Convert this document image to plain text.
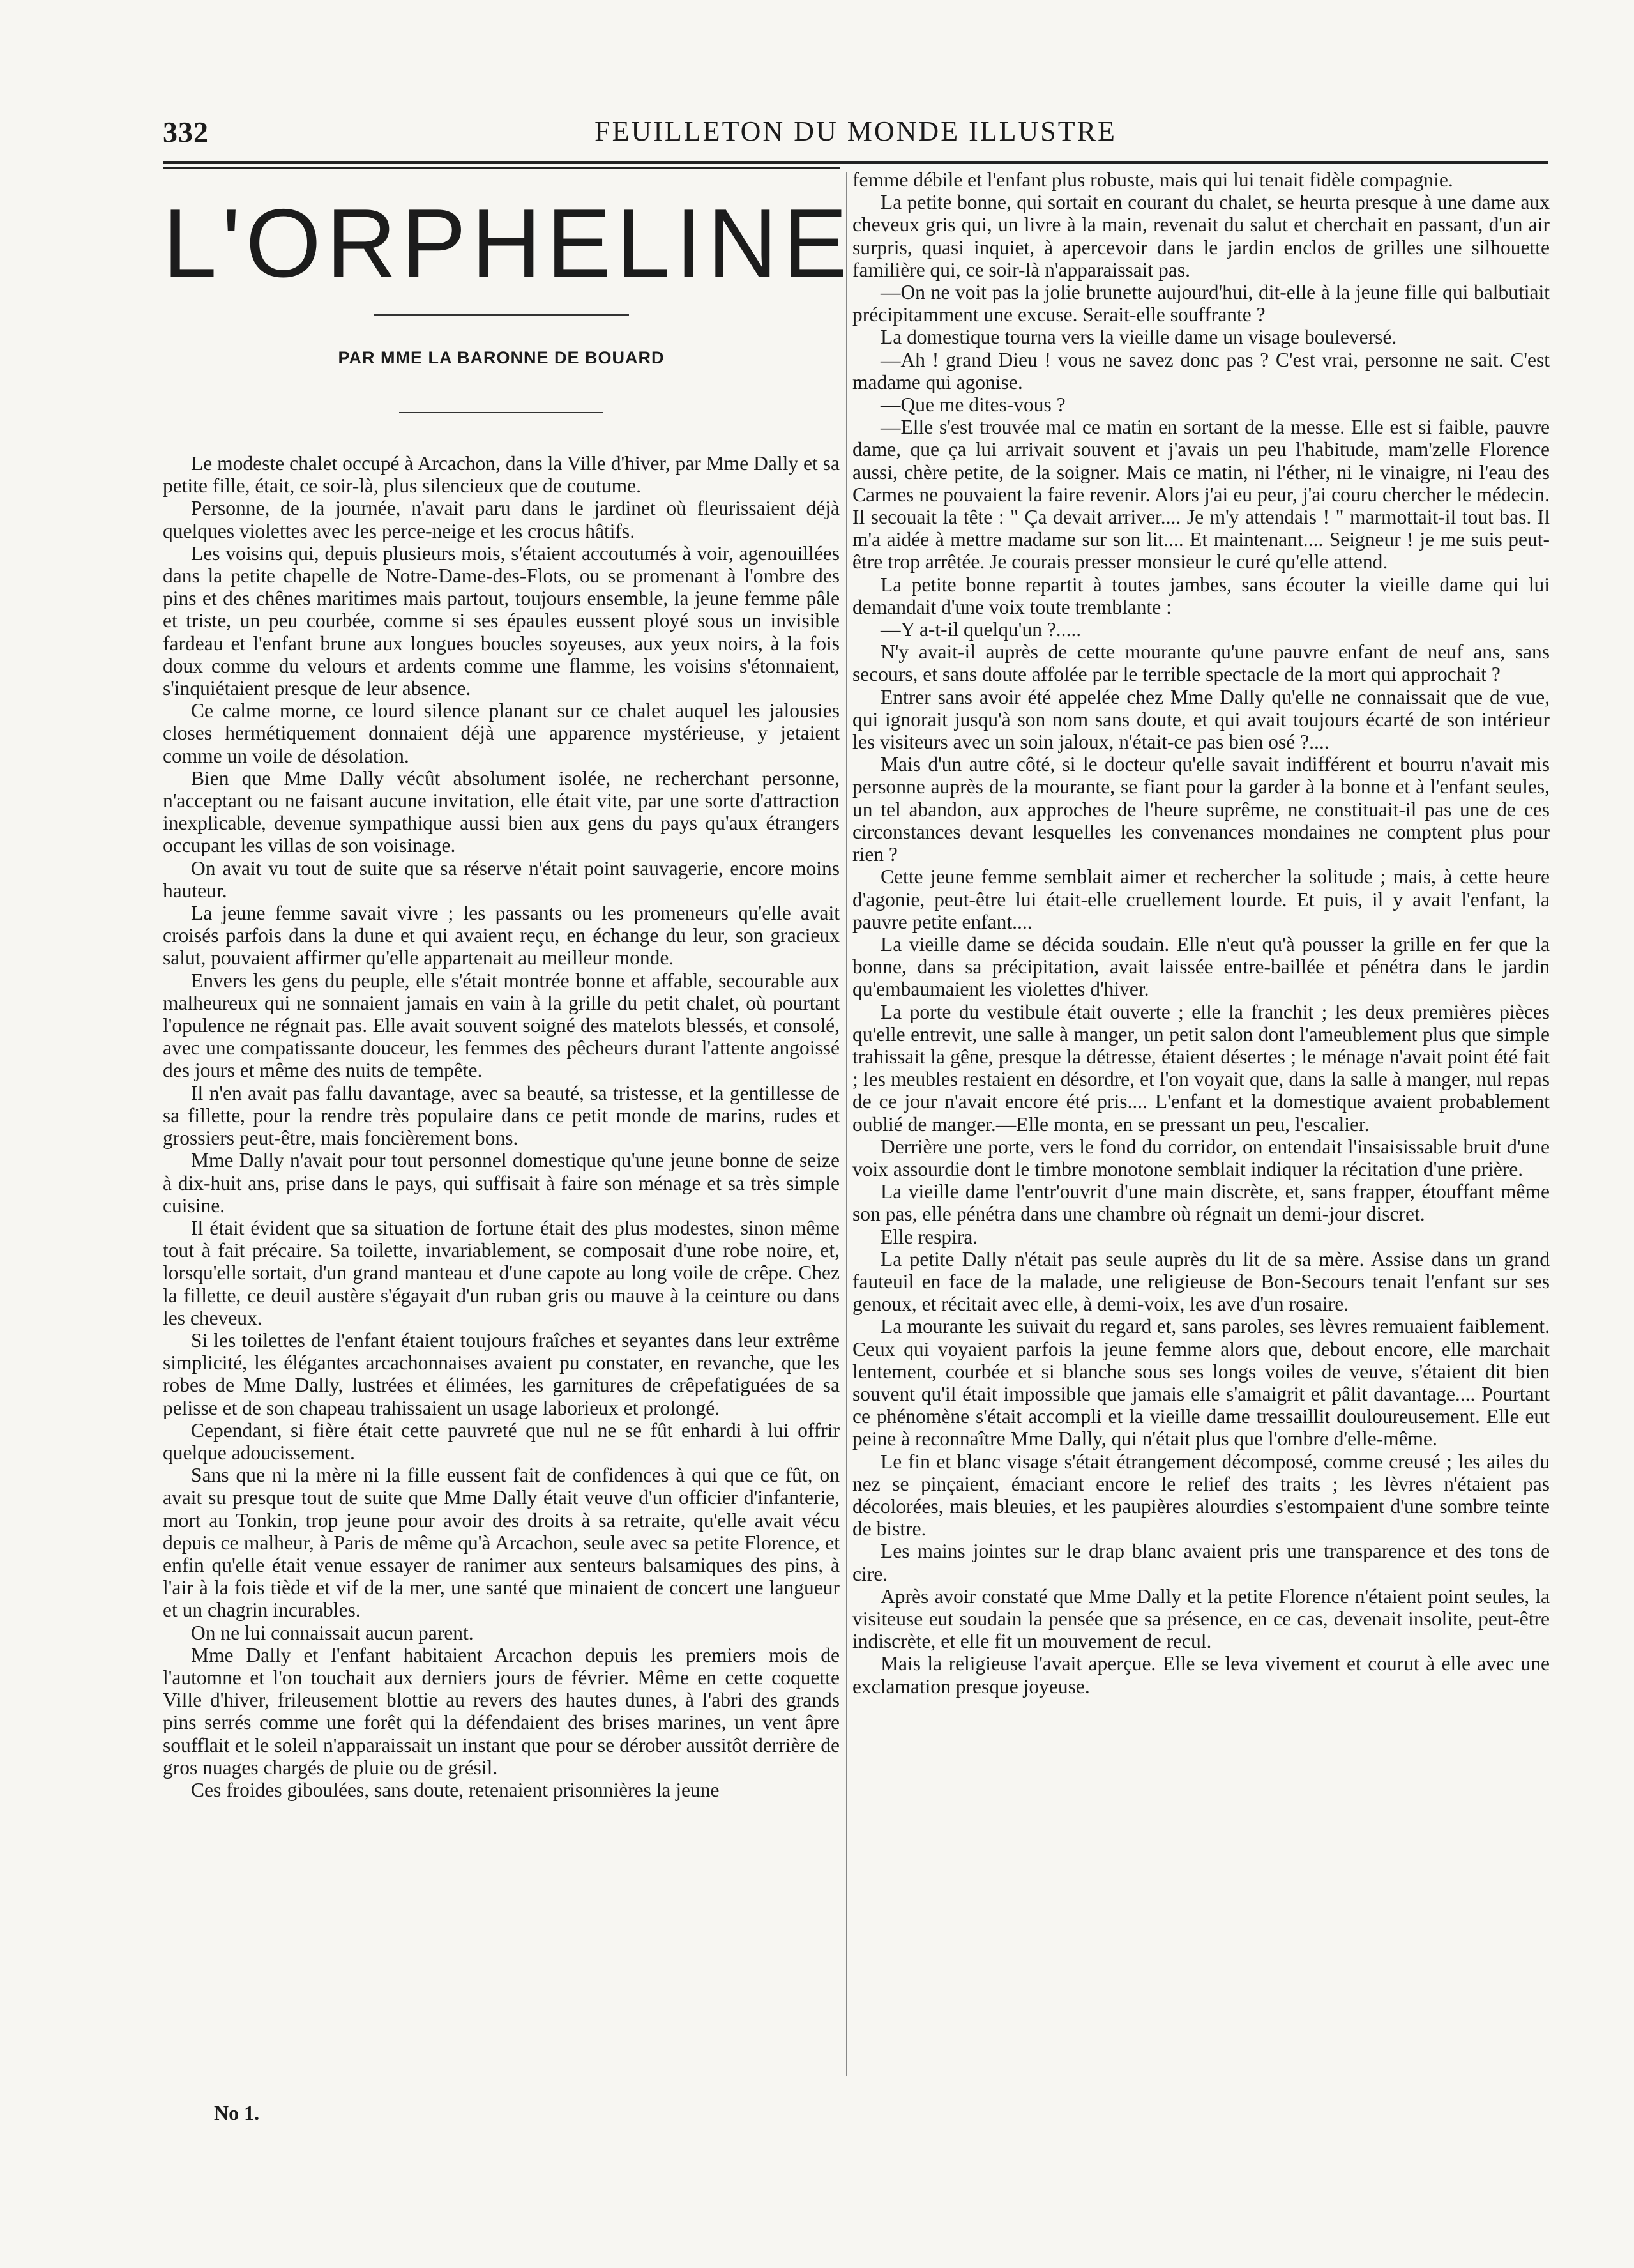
332	FEUILLETON DU MONDE ILLUSTRE
L'ORPHELINE
PAR MME LA BARONNE DE BOUARD

Le modeste chalet occupé à Arcachon, dans la Ville d'hiver, par Mme Dally et sa petite fille, était, ce soir-là, plus silencieux que de coutume.

Personne, de la journée, n'avait paru dans le jardinet où fleurissaient déjà quelques violettes avec les perce-neige et les crocus hâtifs.

Les voisins qui, depuis plusieurs mois, s'étaient accoutumés à voir, agenouillées dans la petite chapelle de Notre-Dame-des-Flots, ou se promenant à l'ombre des pins et des chênes maritimes mais partout, toujours ensemble, la jeune femme pâle et triste, un peu courbée, comme si ses épaules eussent ployé sous un invisible fardeau et l'enfant brune aux longues boucles soyeuses, aux yeux noirs, à la fois doux comme du velours et ardents comme une flamme, les voisins s'étonnaient, s'inquiétaient presque de leur absence.

Ce calme morne, ce lourd silence planant sur ce chalet auquel les jalousies closes hermétiquement donnaient déjà une apparence mystérieuse, y jetaient comme un voile de désolation.

Bien que Mme Dally vécût absolument isolée, ne recherchant personne, n'acceptant ou ne faisant aucune invitation, elle était vite, par une sorte d'attraction inexplicable, devenue sympathique aussi bien aux gens du pays qu'aux étrangers occupant les villas de son voisinage.

On avait vu tout de suite que sa réserve n'était point sauvagerie, encore moins hauteur.

La jeune femme savait vivre ; les passants ou les promeneurs qu'elle avait croisés parfois dans la dune et qui avaient reçu, en échange du leur, son gracieux salut, pouvaient affirmer qu'elle appartenait au meilleur monde.

Envers les gens du peuple, elle s'était montrée bonne et affable, secourable aux malheureux qui ne sonnaient jamais en vain à la grille du petit chalet, où pourtant l'opulence ne régnait pas. Elle avait souvent soigné des matelots blessés, et consolé, avec une compatissante douceur, les femmes des pêcheurs durant l'attente angoissé des jours et même des nuits de tempête.

Il n'en avait pas fallu davantage, avec sa beauté, sa tristesse, et la gentillesse de sa fillette, pour la rendre très populaire dans ce petit monde de marins, rudes et grossiers peut-être, mais foncièrement bons.

Mme Dally n'avait pour tout personnel domestique qu'une jeune bonne de seize à dix-huit ans, prise dans le pays, qui suffisait à faire son ménage et sa très simple cuisine.

Il était évident que sa situation de fortune était des plus modestes, sinon même tout à fait précaire. Sa toilette, invariablement, se composait d'une robe noire, et, lorsqu'elle sortait, d'un grand manteau et d'une capote au long voile de crêpe. Chez la fillette, ce deuil austère s'égayait d'un ruban gris ou mauve à la ceinture ou dans les cheveux.

Si les toilettes de l'enfant étaient toujours fraîches et seyantes dans leur extrême simplicité, les élégantes arcachonnaises avaient pu constater, en revanche, que les robes de Mme Dally, lustrées et élimées, les garnitures de crêpefatiguées de sa pelisse et de son chapeau trahissaient un usage laborieux et prolongé.

Cependant, si fière était cette pauvreté que nul ne se fût enhardi à lui offrir quelque adoucissement.

Sans que ni la mère ni la fille eussent fait de confidences à qui que ce fût, on avait su presque tout de suite que Mme Dally était veuve d'un officier d'infanterie, mort au Tonkin, trop jeune pour avoir des droits à sa retraite, qu'elle avait vécu depuis ce malheur, à Paris de même qu'à Arcachon, seule avec sa petite Florence, et enfin qu'elle était venue essayer de ranimer aux senteurs balsamiques des pins, à l'air à la fois tiède et vif de la mer, une santé que minaient de concert une langueur et un chagrin incurables.

On ne lui connaissait aucun parent.

Mme Dally et l'enfant habitaient Arcachon depuis les premiers mois de l'automne et l'on touchait aux derniers jours de février. Même en cette coquette Ville d'hiver, frileusement blottie au revers des hautes dunes, à l'abri des grands pins serrés comme une forêt qui la défendaient des brises marines, un vent âpre soufflait et le soleil n'apparaissait un instant que pour se dérober aussitôt derrière de gros nuages chargés de pluie ou de grésil.

Ces froides giboulées, sans doute, retenaient prisonnières la jeune

femme débile et l'enfant plus robuste, mais qui lui tenait fidèle compagnie.

La petite bonne, qui sortait en courant du chalet, se heurta presque à une dame aux cheveux gris qui, un livre à la main, revenait du salut et cherchait en passant, d'un air surpris, quasi inquiet, à apercevoir dans le jardin enclos de grilles une silhouette familière qui, ce soir-là n'apparaissait pas.

—On ne voit pas la jolie brunette aujourd'hui, dit-elle à la jeune fille qui balbutiait précipitamment une excuse. Serait-elle souffrante ?

La domestique tourna vers la vieille dame un visage bouleversé.

—Ah ! grand Dieu ! vous ne savez donc pas ? C'est vrai, personne ne sait. C'est madame qui agonise.

—Que me dites-vous ?

—Elle s'est trouvée mal ce matin en sortant de la messe. Elle est si faible, pauvre dame, que ça lui arrivait souvent et j'avais un peu l'habitude, mam'zelle Florence aussi, chère petite, de la soigner. Mais ce matin, ni l'éther, ni le vinaigre, ni l'eau des Carmes ne pouvaient la faire revenir. Alors j'ai eu peur, j'ai couru chercher le médecin. Il secouait la tête : " Ça devait arriver.... Je m'y attendais ! " marmottait-il tout bas. Il m'a aidée à mettre madame sur son lit.... Et maintenant.... Seigneur ! je me suis peut-être trop arrêtée. Je courais presser monsieur le curé qu'elle attend.

La petite bonne repartit à toutes jambes, sans écouter la vieille dame qui lui demandait d'une voix toute tremblante :

—Y a-t-il quelqu'un ?.....

N'y avait-il auprès de cette mourante qu'une pauvre enfant de neuf ans, sans secours, et sans doute affolée par le terrible spectacle de la mort qui approchait ?

Entrer sans avoir été appelée chez Mme Dally qu'elle ne connaissait que de vue, qui ignorait jusqu'à son nom sans doute, et qui avait toujours écarté de son intérieur les visiteurs avec un soin jaloux, n'était-ce pas bien osé ?....

Mais d'un autre côté, si le docteur qu'elle savait indifférent et bourru n'avait mis personne auprès de la mourante, se fiant pour la garder à la bonne et à l'enfant seules, un tel abandon, aux approches de l'heure suprême, ne constituait-il pas une de ces circonstances devant lesquelles les convenances mondaines ne comptent plus pour rien ?

Cette jeune femme semblait aimer et rechercher la solitude ; mais, à cette heure d'agonie, peut-être lui était-elle cruellement lourde. Et puis, il y avait l'enfant, la pauvre petite enfant....

La vieille dame se décida soudain. Elle n'eut qu'à pousser la grille en fer que la bonne, dans sa précipitation, avait laissée entre-baillée et pénétra dans le jardin qu'embaumaient les violettes d'hiver.

La porte du vestibule était ouverte ; elle la franchit ; les deux premières pièces qu'elle entrevit, une salle à manger, un petit salon dont l'ameublement plus que simple trahissait la gêne, presque la détresse, étaient désertes ; le ménage n'avait point été fait ; les meubles restaient en désordre, et l'on voyait que, dans la salle à manger, nul repas de ce jour n'avait encore été pris.... L'enfant et la domestique avaient probablement oublié de manger.—Elle monta, en se pressant un peu, l'escalier.

Derrière une porte, vers le fond du corridor, on entendait l'insaisissable bruit d'une voix assourdie dont le timbre monotone semblait indiquer la récitation d'une prière.

La vieille dame l'entr'ouvrit d'une main discrète, et, sans frapper, étouffant même son pas, elle pénétra dans une chambre où régnait un demi-jour discret.

Elle respira.

La petite Dally n'était pas seule auprès du lit de sa mère. Assise dans un grand fauteuil en face de la malade, une religieuse de Bon-Secours tenait l'enfant sur ses genoux, et récitait avec elle, à demi-voix, les ave d'un rosaire.

La mourante les suivait du regard et, sans paroles, ses lèvres remuaient faiblement. Ceux qui voyaient parfois la jeune femme alors que, debout encore, elle marchait lentement, courbée et si blanche sous ses longs voiles de veuve, s'étaient dit bien souvent qu'il était impossible que jamais elle s'amaigrit et pâlit davantage.... Pourtant ce phénomène s'était accompli et la vieille dame tressaillit douloureusement. Elle eut peine à reconnaître Mme Dally, qui n'était plus que l'ombre d'elle-même.

Le fin et blanc visage s'était étrangement décomposé, comme creusé ; les ailes du nez se pinçaient, émaciant encore le relief des traits ; les lèvres n'étaient pas décolorées, mais bleuies, et les paupières alourdies s'estompaient d'une sombre teinte de bistre.

Les mains jointes sur le drap blanc avaient pris une transparence et des tons de cire.

Après avoir constaté que Mme Dally et la petite Florence n'étaient point seules, la visiteuse eut soudain la pensée que sa présence, en ce cas, devenait insolite, peut-être indiscrète, et elle fit un mouvement de recul.

Mais la religieuse l'avait aperçue. Elle se leva vivement et courut à elle avec une exclamation presque joyeuse.

No 1.
